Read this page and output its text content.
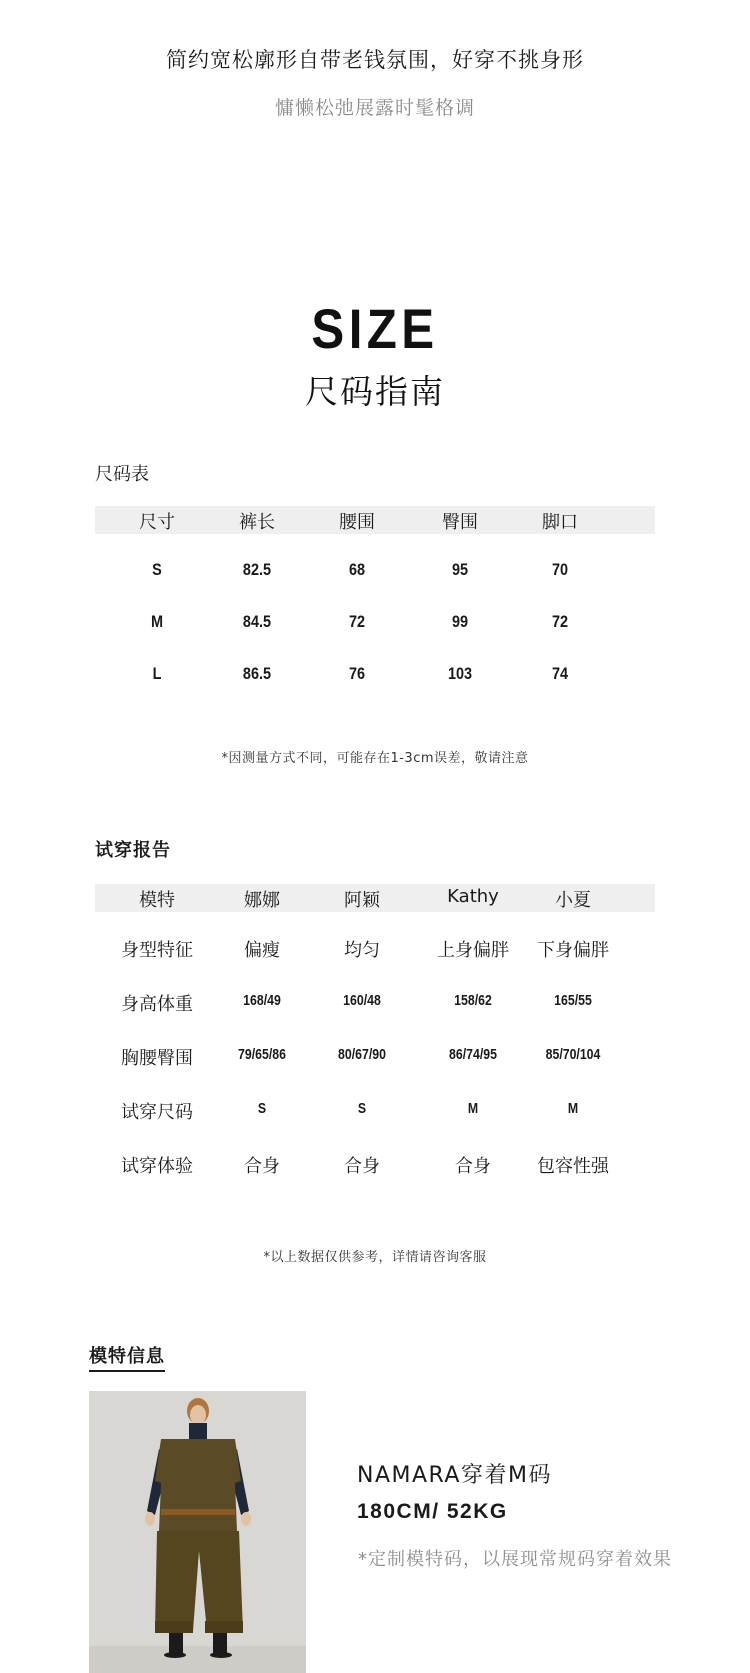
简约宽松廓形自带老钱氛围，好穿不挑身形
慵懒松弛展露时髦格调
SIZE
尺码指南
尺码表
尺寸	裤长	腰围	臀围	脚口
S	82.5	68	95	70
M	84.5	72	99	72
L	86.5	76	103	74
*因测量方式不同，可能存在1-3cm误差，敬请注意
试穿报告
模特	娜娜	阿颖	Kathy	小夏
身型特征	偏瘦	均匀	上身偏胖	下身偏胖
身高体重	168/49	160/48	158/62	165/55
胸腰臀围	79/65/86	80/67/90	86/74/95	85/70/104
试穿尺码	S	S	M	M
试穿体验	合身	合身	合身	包容性强
*以上数据仅供参考，详情请咨询客服
模特信息
NAMARA穿着M码
180CM/ 52KG
*定制模特码，以展现常规码穿着效果
